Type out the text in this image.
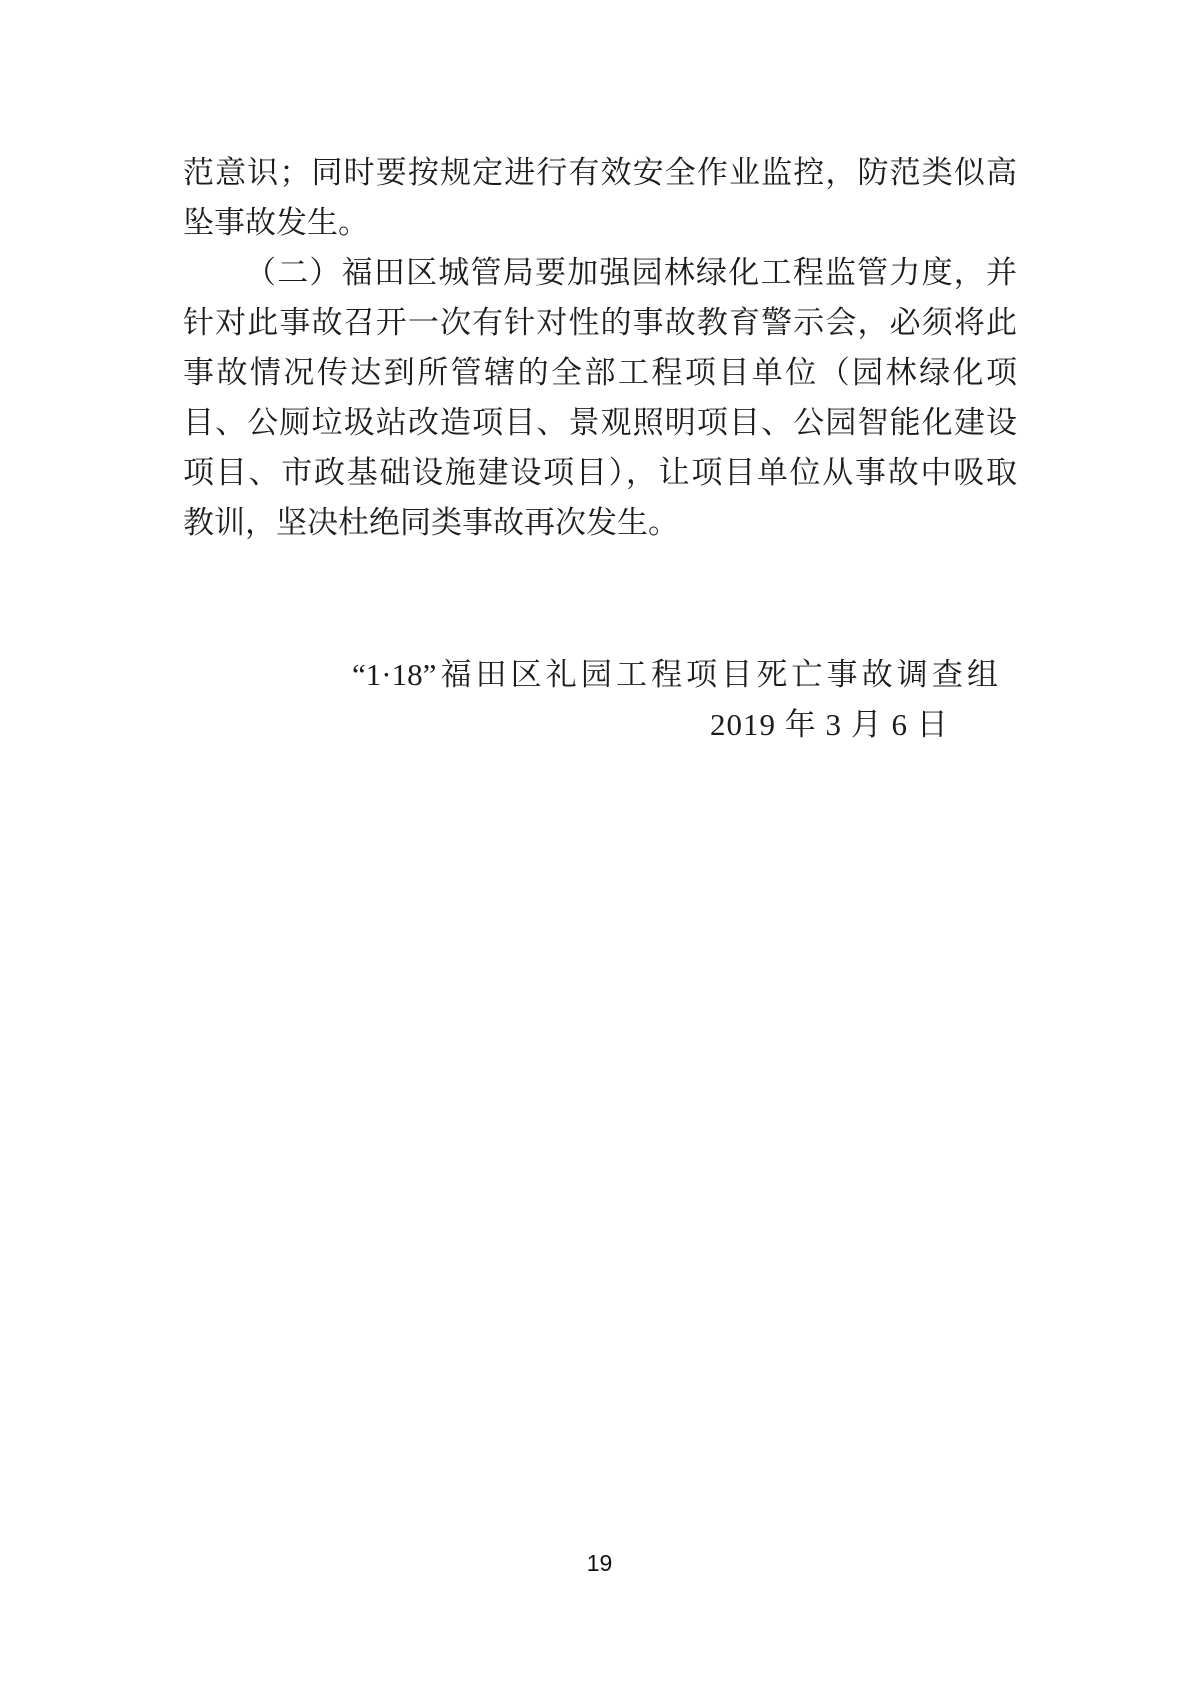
范意识；同时要按规定进行有效安全作业监控，防范类似高
坠事故发生。
（二）福田区城管局要加强园林绿化工程监管力度，并
针对此事故召开一次有针对性的事故教育警示会，必须将此
事故情况传达到所管辖的全部工程项目单位（园林绿化项
目、公厕垃圾站改造项目、景观照明项目、公园智能化建设
项目、市政基础设施建设项目），让项目单位从事故中吸取
教训，坚决杜绝同类事故再次发生。
“1·18”福田区礼园工程项目死亡事故调查组
2019 年 3 月 6 日
19
